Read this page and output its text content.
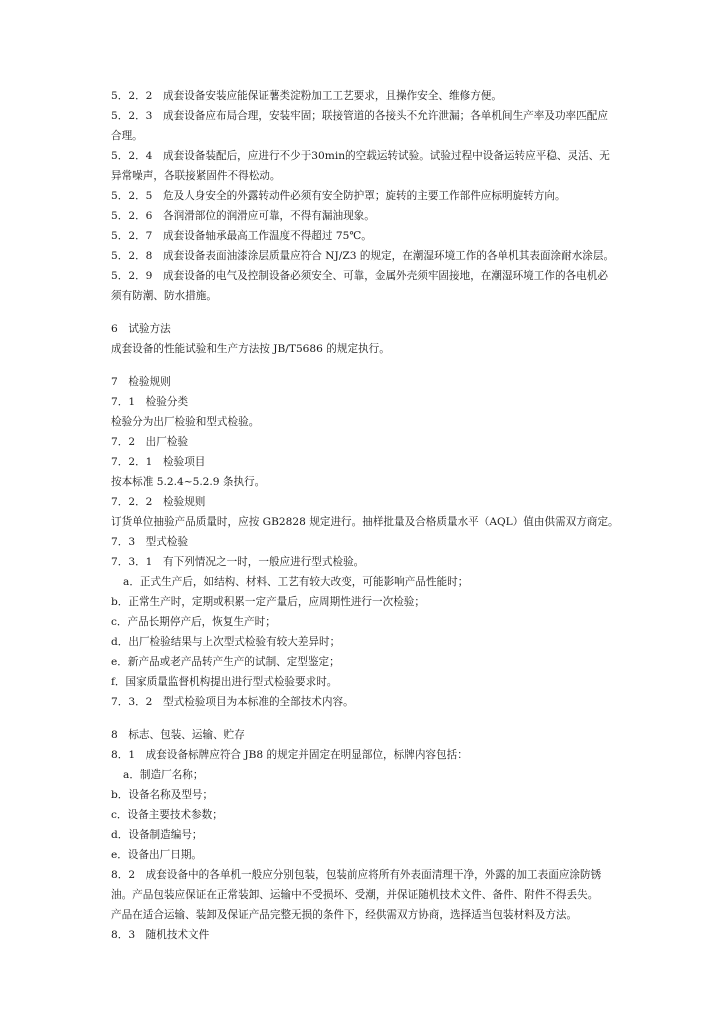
5．2．2　成套设备安装应能保证薯类淀粉加工工艺要求，且操作安全、维修方便。
5．2．3　成套设备应布局合理，安装牢固；联接管道的各接头不允许泄漏；各单机间生产率及功率匹配应
合理。
5．2．4　成套设备装配后，应进行不少于30min的空载运转试验。试验过程中设备运转应平稳、灵活、无
异常噪声，各联接紧固件不得松动。
5．2．5　危及人身安全的外露转动件必须有安全防护罩；旋转的主要工作部件应标明旋转方向。
5．2．6　各润滑部位的润滑应可靠，不得有漏油现象。
5．2．7　成套设备轴承最高工作温度不得超过 75℃。
5．2．8　成套设备表面油漆涂层质量应符合 NJ/Z3 的规定，在潮湿环境工作的各单机其表面涂耐水涂层。
5．2．9　成套设备的电气及控制设备必须安全、可靠，金属外壳须牢固接地，在潮湿环境工作的各电机必
须有防潮、防水措施。
6　试验方法
成套设备的性能试验和生产方法按 JB/T5686 的规定执行。
7　检验规则
7．1　检验分类
检验分为出厂检验和型式检验。
7．2　出厂检验
7．2．1　检验项目
按本标准 5.2.4~5.2.9 条执行。
7．2．2　检验规则
订货单位抽验产品质量时，应按 GB2828 规定进行。抽样批量及合格质量水平（AQL）值由供需双方商定。
7．3　型式检验
7．3．1　有下列情况之一时，一般应进行型式检验。
a．正式生产后，如结构、材料、工艺有较大改变，可能影响产品性能时；
b．正常生产时，定期或积累一定产量后，应周期性进行一次检验；
c．产品长期停产后，恢复生产时；
d．出厂检验结果与上次型式检验有较大差异时；
e．新产品或老产品转产生产的试制、定型鉴定；
f．国家质量监督机构提出进行型式检验要求时。
7．3．2　型式检验项目为本标准的全部技术内容。
8　标志、包装、运输、贮存
8．1　成套设备标牌应符合 JB8 的规定并固定在明显部位，标牌内容包括：
a．制造厂名称；
b．设备名称及型号；
c．设备主要技术参数；
d．设备制造编号；
e．设备出厂日期。
8．2　成套设备中的各单机一般应分别包装，包装前应将所有外表面清理干净，外露的加工表面应涂防锈
油。产品包装应保证在正常装卸、运输中不受损坏、受潮，并保证随机技术文件、备件、附件不得丢失。
产品在适合运输、装卸及保证产品完整无损的条件下，经供需双方协商，选择适当包装材料及方法。
8．3　随机技术文件
